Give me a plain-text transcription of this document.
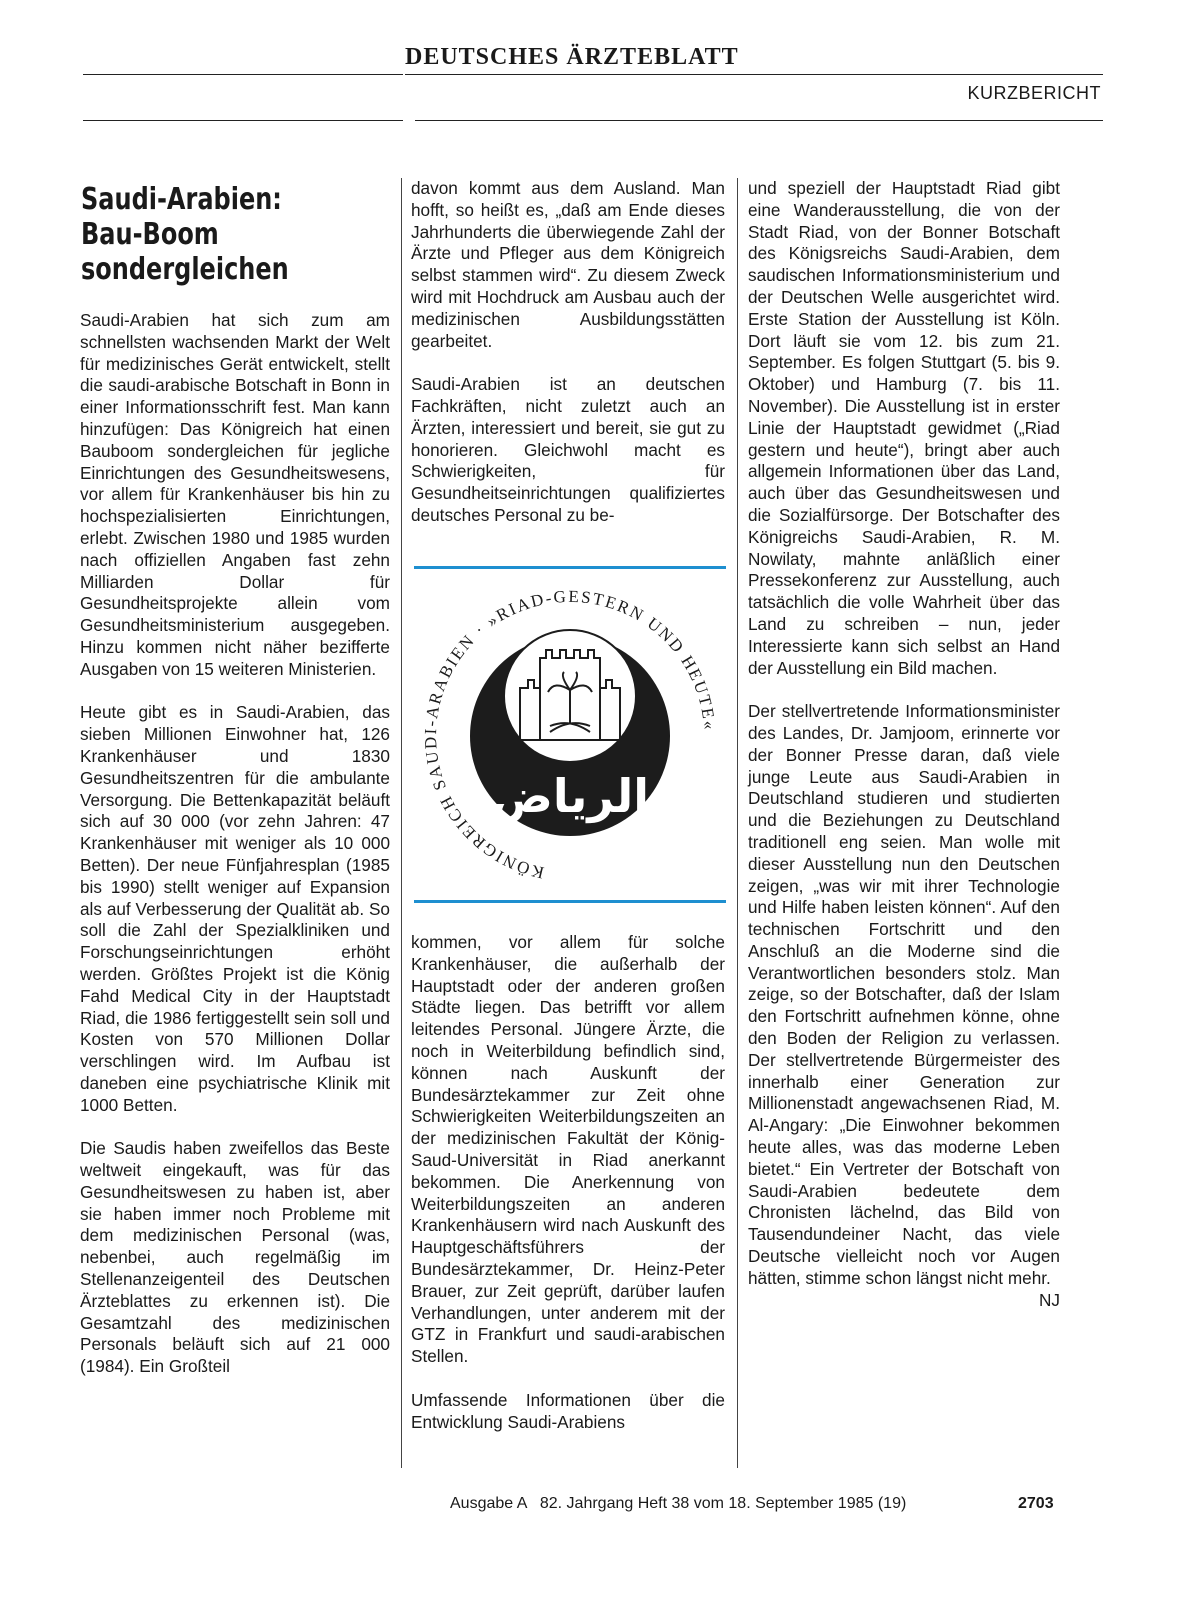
DEUTSCHES ÄRZTEBLATT
KURZBERICHT
Saudi-Arabien:
Bau-Boom
sondergleichen

Saudi-Arabien hat sich zum am schnellsten wachsenden Markt der Welt für medizinisches Gerät entwickelt, stellt die saudi-arabische Botschaft in Bonn in einer Informationsschrift fest. Man kann hinzufügen: Das Königreich hat einen Bauboom sondergleichen für jegliche Einrichtungen des Gesundheitswesens, vor allem für Krankenhäuser bis hin zu hochspezialisierten Einrichtungen, erlebt. Zwischen 1980 und 1985 wurden nach offiziellen Angaben fast zehn Milliarden Dollar für Gesundheitsprojekte allein vom Gesundheitsministerium ausgegeben. Hinzu kommen nicht näher bezifferte Ausgaben von 15 weiteren Ministerien.

Heute gibt es in Saudi-Arabien, das sieben Millionen Einwohner hat, 126 Krankenhäuser und 1830 Gesundheitszentren für die ambulante Versorgung. Die Bettenkapazität beläuft sich auf 30 000 (vor zehn Jahren: 47 Krankenhäuser mit weniger als 10 000 Betten). Der neue Fünfjahresplan (1985 bis 1990) stellt weniger auf Expansion als auf Verbesserung der Qualität ab. So soll die Zahl der Spezialkliniken und Forschungseinrichtungen erhöht werden. Größtes Projekt ist die König Fahd Medical City in der Hauptstadt Riad, die 1986 fertiggestellt sein soll und Kosten von 570 Millionen Dollar verschlingen wird. Im Aufbau ist daneben eine psychiatrische Klinik mit 1000 Betten.

Die Saudis haben zweifellos das Beste weltweit eingekauft, was für das Gesundheitswesen zu haben ist, aber sie haben immer noch Probleme mit dem medizinischen Personal (was, nebenbei, auch regelmäßig im Stellenanzeigenteil des Deutschen Ärzteblattes zu erkennen ist). Die Gesamtzahl des medizinischen Personals beläuft sich auf 21 000 (1984). Ein Großteil

davon kommt aus dem Ausland. Man hofft, so heißt es, „daß am Ende dieses Jahrhunderts die überwiegende Zahl der Ärzte und Pfleger aus dem Königreich selbst stammen wird“. Zu diesem Zweck wird mit Hochdruck am Ausbau auch der medizinischen Ausbildungsstätten gearbeitet.

Saudi-Arabien ist an deutschen Fachkräften, nicht zuletzt auch an Ärzten, interessiert und bereit, sie gut zu honorieren. Gleichwohl macht es Schwierigkeiten, für Gesundheitseinrichtungen qualifiziertes deutsches Personal zu be-

الرياض
KÖNIGREICH SAUDI-ARABIEN · »RIAD-GESTERN UND HEUTE«

kommen, vor allem für solche Krankenhäuser, die außerhalb der Hauptstadt oder der anderen großen Städte liegen. Das betrifft vor allem leitendes Personal. Jüngere Ärzte, die noch in Weiterbildung befindlich sind, können nach Auskunft der Bundesärztekammer zur Zeit ohne Schwierigkeiten Weiterbildungszeiten an der medizinischen Fakultät der König-Saud-Universität in Riad anerkannt bekommen. Die Anerkennung von Weiterbildungszeiten an anderen Krankenhäusern wird nach Auskunft des Hauptgeschäftsführers der Bundesärztekammer, Dr. Heinz-Peter Brauer, zur Zeit geprüft, darüber laufen Verhandlungen, unter anderem mit der GTZ in Frankfurt und saudi-arabischen Stellen.

Umfassende Informationen über die Entwicklung Saudi-Arabiens

und speziell der Hauptstadt Riad gibt eine Wanderausstellung, die von der Stadt Riad, von der Bonner Botschaft des Königsreichs Saudi-Arabien, dem saudischen Informationsministerium und der Deutschen Welle ausgerichtet wird. Erste Station der Ausstellung ist Köln. Dort läuft sie vom 12. bis zum 21. September. Es folgen Stuttgart (5. bis 9. Oktober) und Hamburg (7. bis 11. November). Die Ausstellung ist in erster Linie der Hauptstadt gewidmet („Riad gestern und heute“), bringt aber auch allgemein Informationen über das Land, auch über das Gesundheitswesen und die Sozialfürsorge. Der Botschafter des Königreichs Saudi-Arabien, R. M. Nowilaty, mahnte anläßlich einer Pressekonferenz zur Ausstellung, auch tatsächlich die volle Wahrheit über das Land zu schreiben – nun, jeder Interessierte kann sich selbst an Hand der Ausstellung ein Bild machen.

Der stellvertretende Informationsminister des Landes, Dr. Jamjoom, erinnerte vor der Bonner Presse daran, daß viele junge Leute aus Saudi-Arabien in Deutschland studieren und studierten und die Beziehungen zu Deutschland traditionell eng seien. Man wolle mit dieser Ausstellung nun den Deutschen zeigen, „was wir mit ihrer Technologie und Hilfe haben leisten können“. Auf den technischen Fortschritt und den Anschluß an die Moderne sind die Verantwortlichen besonders stolz. Man zeige, so der Botschafter, daß der Islam den Fortschritt aufnehmen könne, ohne den Boden der Religion zu verlassen. Der stellvertretende Bürgermeister des innerhalb einer Generation zur Millionenstadt angewachsenen Riad, M. Al-Angary: „Die Einwohner bekommen heute alles, was das moderne Leben bietet.“ Ein Vertreter der Botschaft von Saudi-Arabien bedeutete dem Chronisten lächelnd, das Bild von Tausendundeiner Nacht, das viele Deutsche vielleicht noch vor Augen hätten, stimme schon längst nicht mehr.
NJ

Ausgabe A   82. Jahrgang Heft 38 vom 18. September 1985 (19)	2703
